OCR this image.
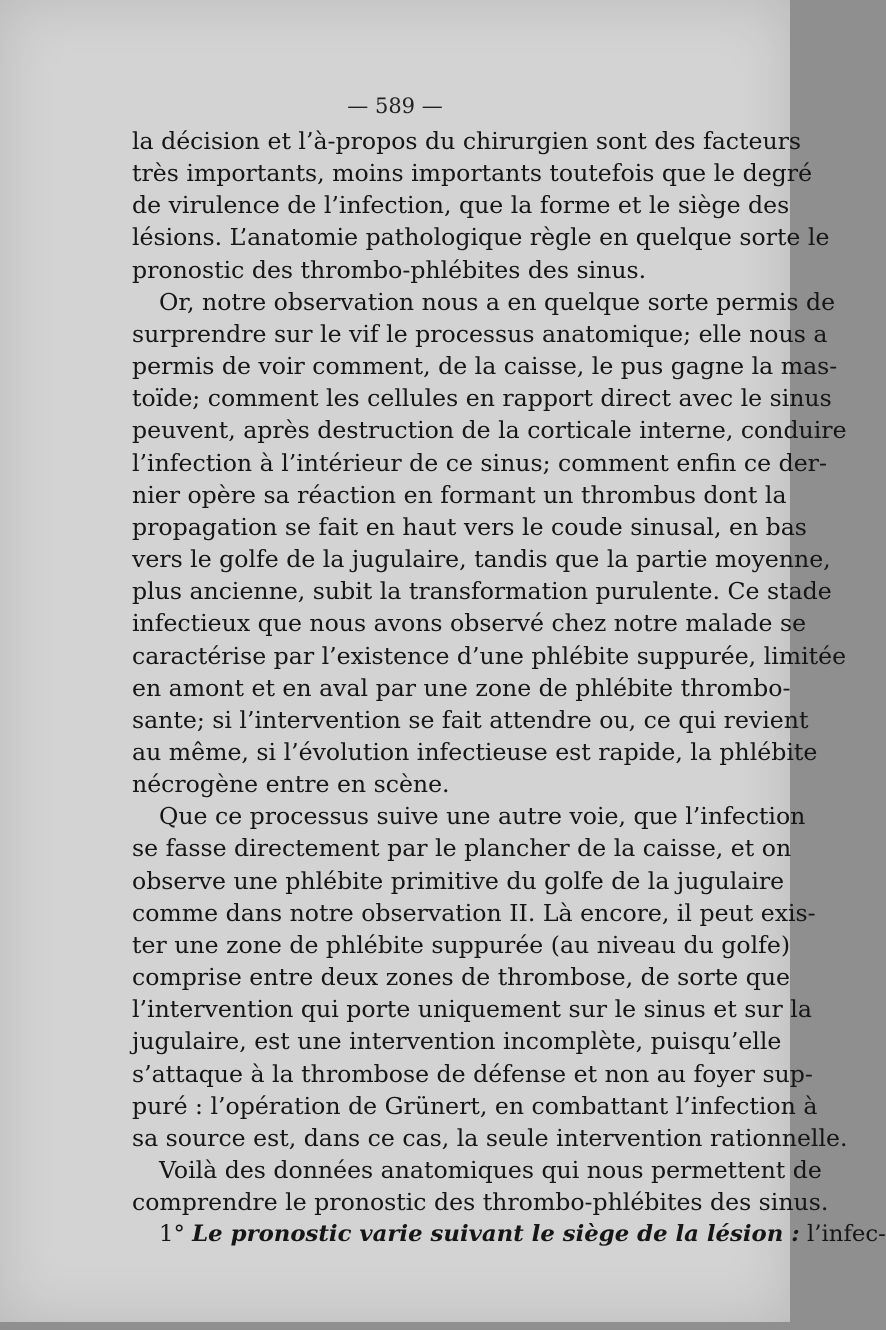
— 589 —
la décision et l’à-propos du chirurgien sont des facteurs
très importants, moins importants toutefois que le degré
de virulence de l’infection, que la forme et le siège des
lésions. L’anatomie pathologique règle en quelque sorte le
pronostic des thrombo-phlébites des sinus.
Or, notre observation nous a en quelque sorte permis de
surprendre sur le vif le processus anatomique; elle nous a
permis de voir comment, de la caisse, le pus gagne la mas-
toïde; comment les cellules en rapport direct avec le sinus
peuvent, après destruction de la corticale interne, conduire
l’infection à l’intérieur de ce sinus; comment enfin ce der-
nier opère sa réaction en formant un thrombus dont la
propagation se fait en haut vers le coude sinusal, en bas
vers le golfe de la jugulaire, tandis que la partie moyenne,
plus ancienne, subit la transformation purulente. Ce stade
infectieux que nous avons observé chez notre malade se
caractérise par l’existence d’une phlébite suppurée, limitée
en amont et en aval par une zone de phlébite thrombo-
sante; si l’intervention se fait attendre ou, ce qui revient
au même, si l’évolution infectieuse est rapide, la phlébite
nécrogène entre en scène.
Que ce processus suive une autre voie, que l’infection
se fasse directement par le plancher de la caisse, et on
observe une phlébite primitive du golfe de la jugulaire
comme dans notre observation II. Là encore, il peut exis-
ter une zone de phlébite suppurée (au niveau du golfe)
comprise entre deux zones de thrombose, de sorte que
l’intervention qui porte uniquement sur le sinus et sur la
jugulaire, est une intervention incomplète, puisqu’elle
s’attaque à la thrombose de défense et non au foyer sup-
puré : l’opération de Grünert, en combattant l’infection à
sa source est, dans ce cas, la seule intervention rationnelle.
Voilà des données anatomiques qui nous permettent de
comprendre le pronostic des thrombo-phlébites des sinus.
1° Le pronostic varie suivant le siège de la lésion : l’infec-
